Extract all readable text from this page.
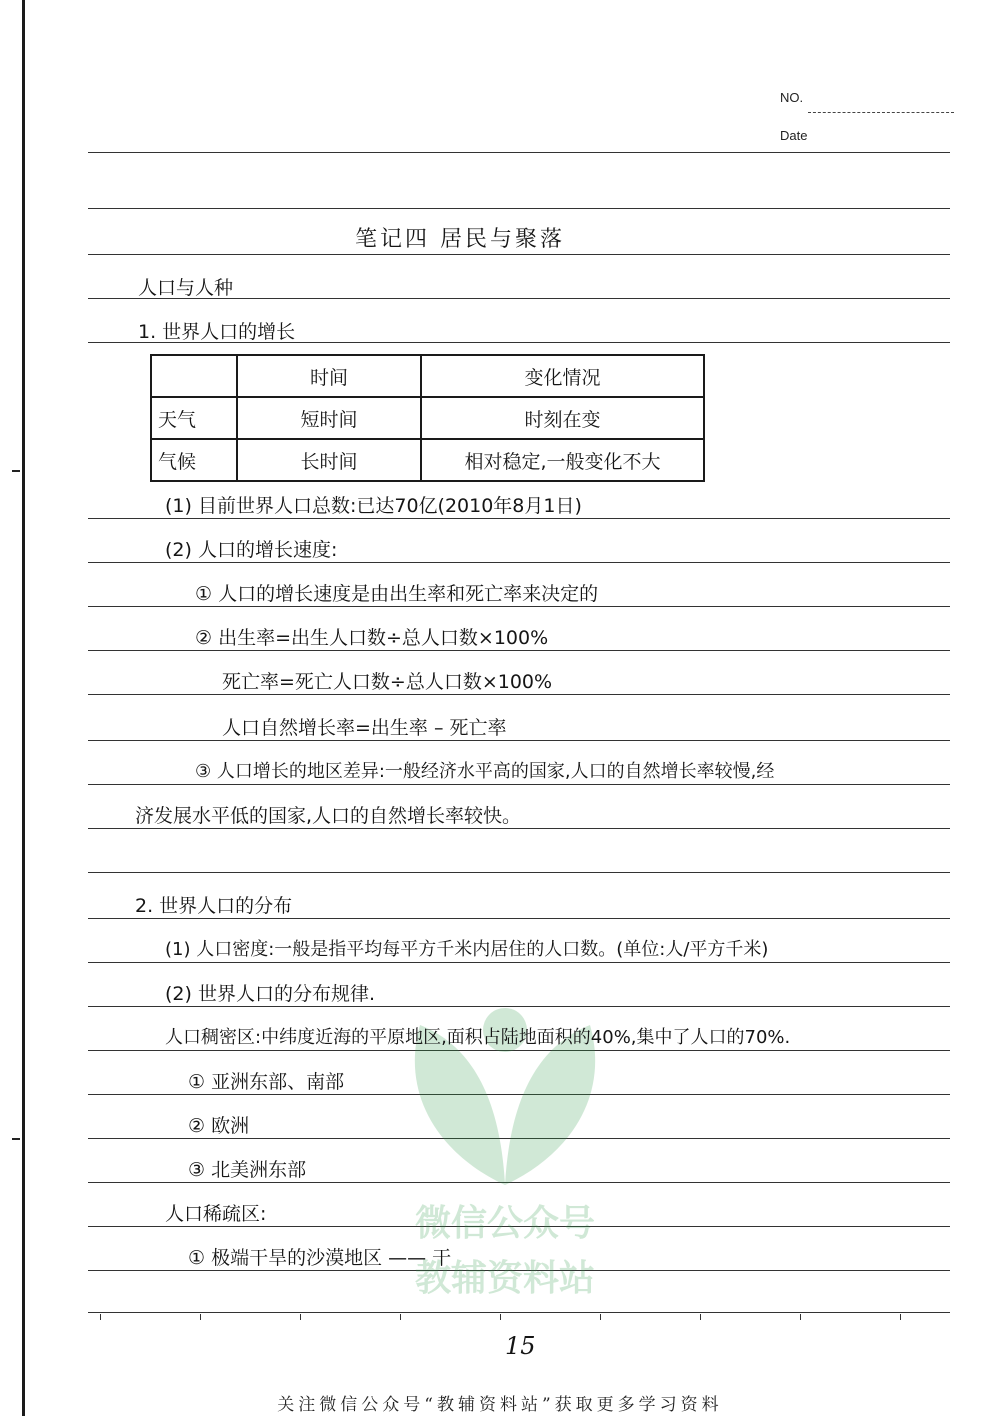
NO.
Date
微信公众号
教辅资料站
笔记四 居民与聚落
人口与人种
1. 世界人口的增长
	时间	变化情况
天气	短时间	时刻在变
气候	长时间	相对稳定,一般变化不大
(1) 目前世界人口总数:已达70亿(2010年8月1日)
(2) 人口的增长速度:
① 人口的增长速度是由出生率和死亡率来决定的
② 出生率=出生人口数÷总人口数×100%
死亡率=死亡人口数÷总人口数×100%
人口自然增长率=出生率 – 死亡率
③ 人口增长的地区差异:一般经济水平高的国家,人口的自然增长率较慢,经
济发展水平低的国家,人口的自然增长率较快。
2. 世界人口的分布
(1) 人口密度:一般是指平均每平方千米内居住的人口数。(单位:人/平方千米)
(2) 世界人口的分布规律.
人口稠密区:中纬度近海的平原地区,面积占陆地面积的40%,集中了人口的70%.
① 亚洲东部、南部
② 欧洲
③ 北美洲东部
人口稀疏区:
① 极端干旱的沙漠地区 —— 干
15
关注微信公众号“教辅资料站”获取更多学习资料
